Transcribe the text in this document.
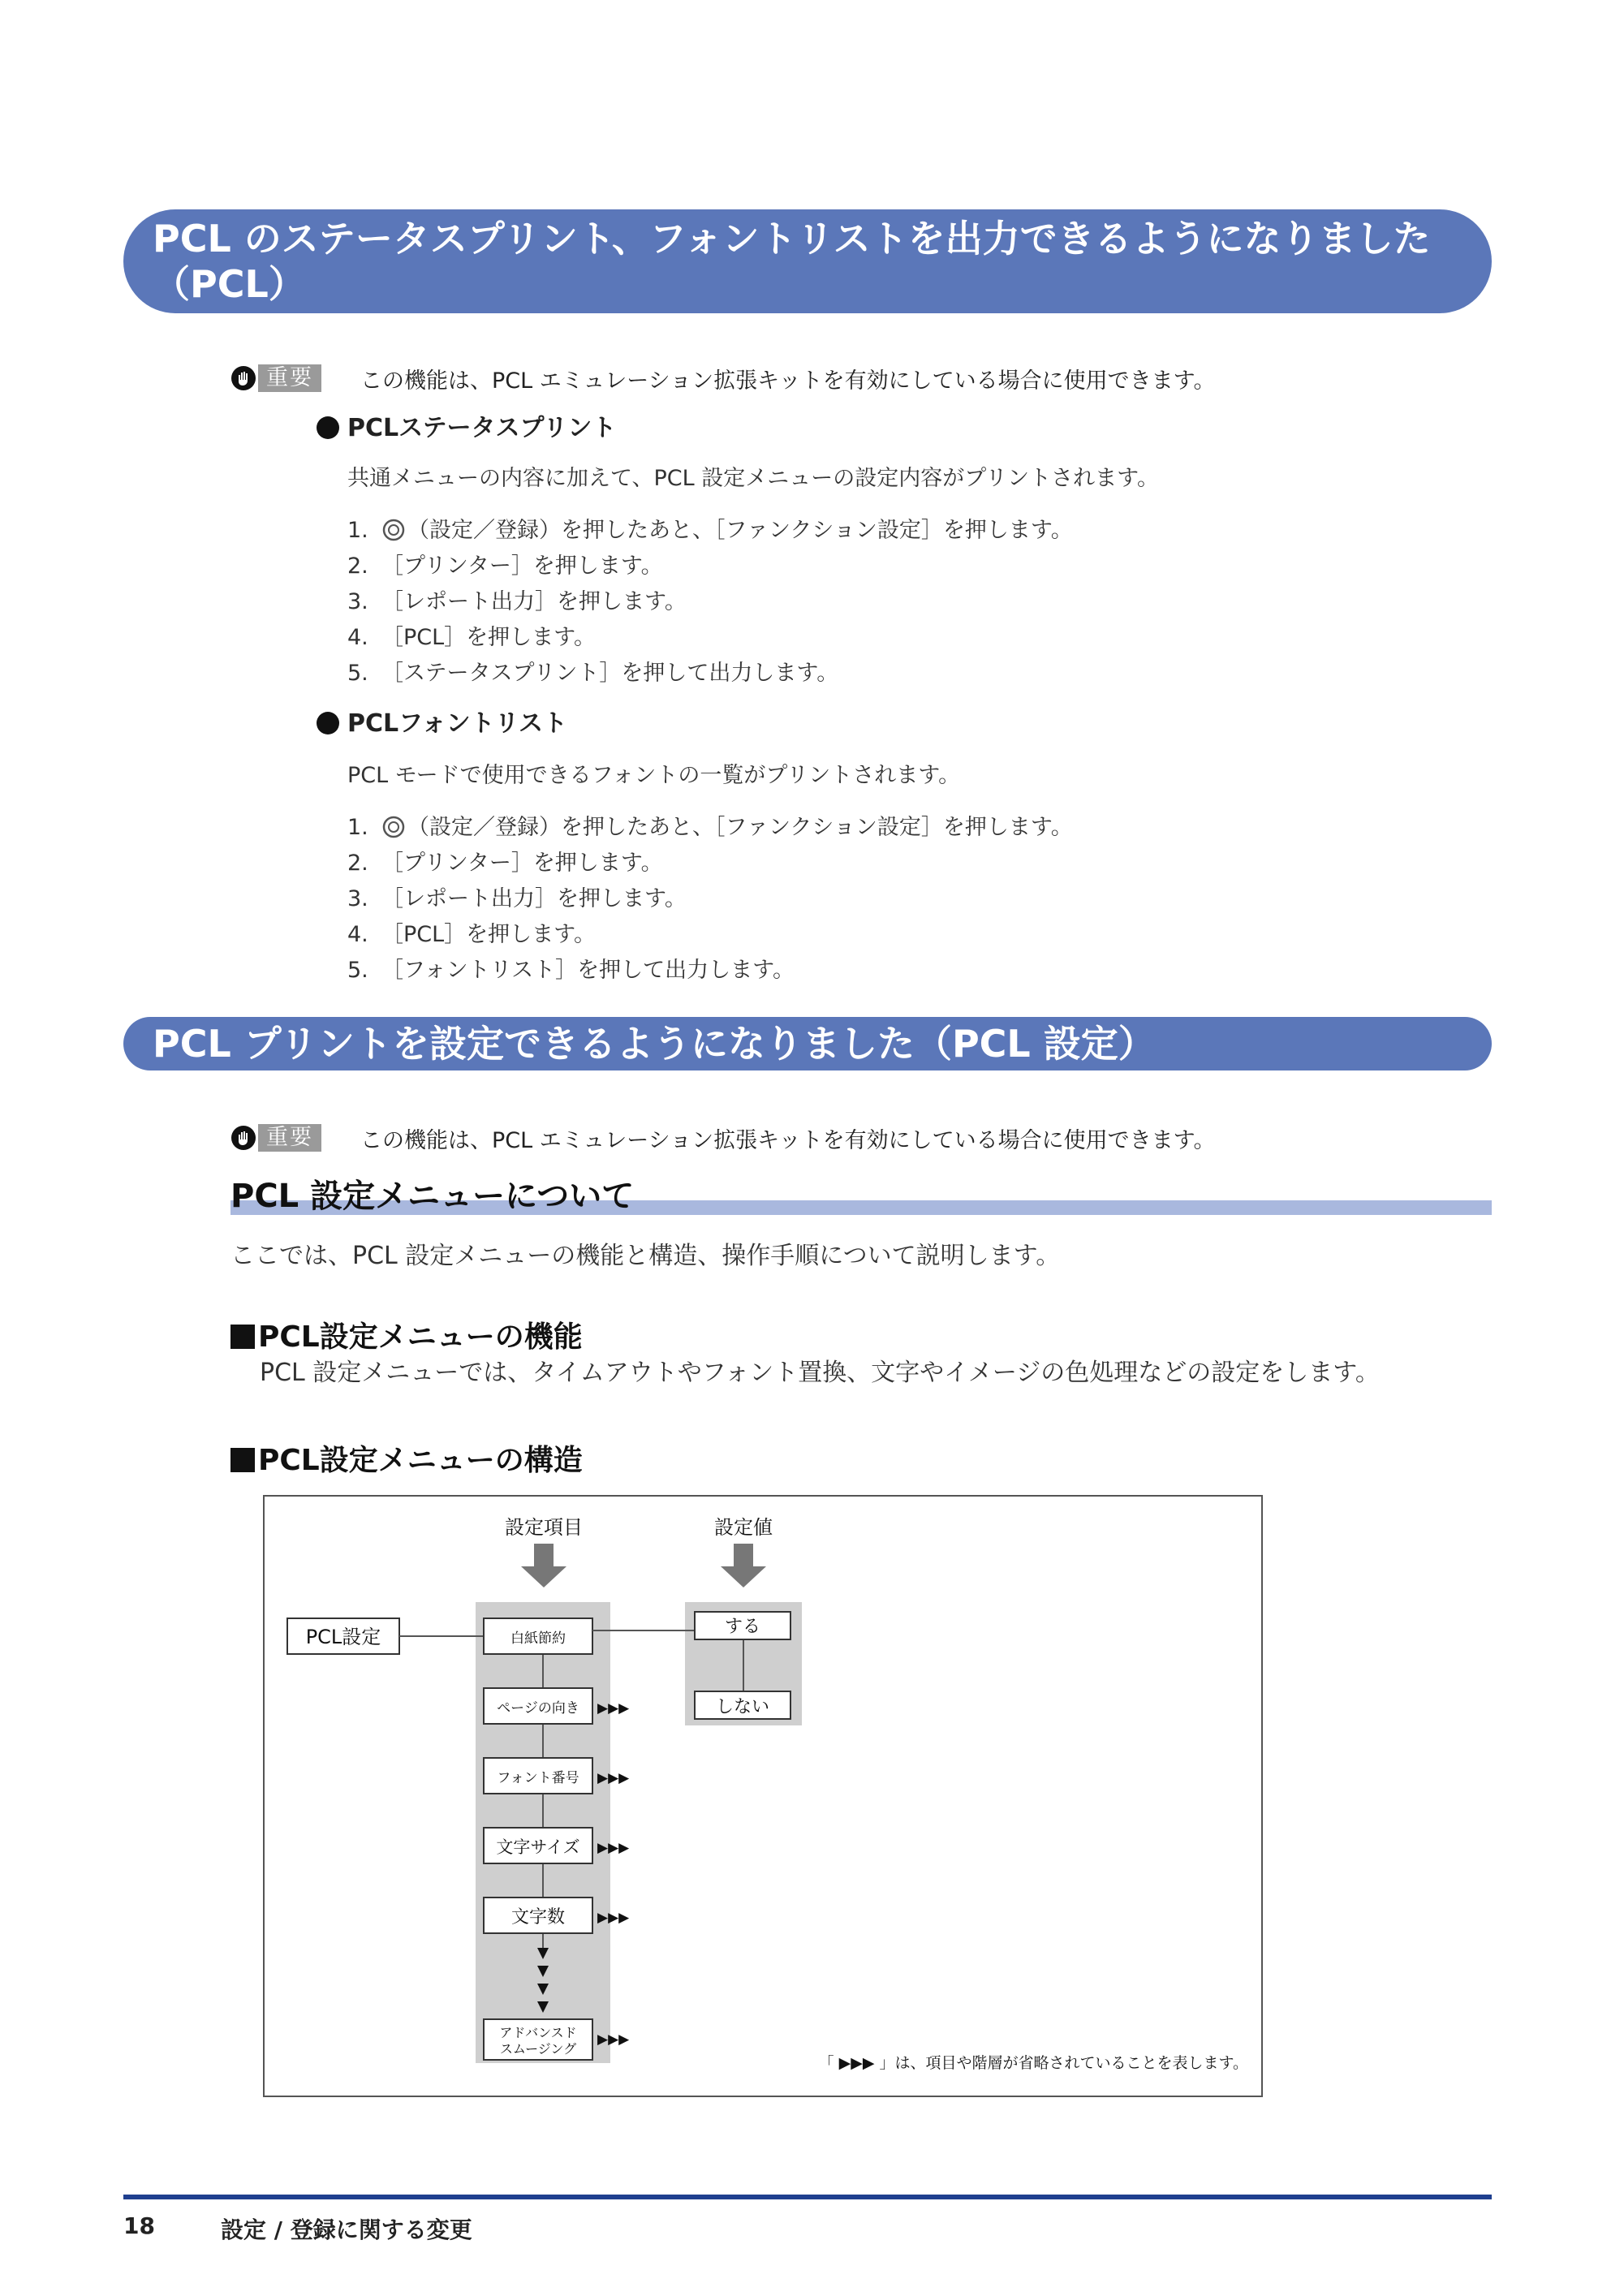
PCL のステータスプリント、フォントリストを出力できるようになりました
（PCL）
重要	この機能は、PCL エミュレーション拡張キットを有効にしている場合に使用できます。
PCLステータスプリント
共通メニューの内容に加えて、PCL 設定メニューの設定内容がプリントされます。
1. （設定／登録）を押したあと、［ファンクション設定］を押します。
2. ［プリンター］を押します。
3. ［レポート出力］を押します。
4. ［PCL］を押します。
5. ［ステータスプリント］を押して出力します。
PCLフォントリスト
PCL モードで使用できるフォントの一覧がプリントされます。
1. （設定／登録）を押したあと、［ファンクション設定］を押します。
2. ［プリンター］を押します。
3. ［レポート出力］を押します。
4. ［PCL］を押します。
5. ［フォントリスト］を押して出力します。
PCL プリントを設定できるようになりました（PCL 設定）
重要	この機能は、PCL エミュレーション拡張キットを有効にしている場合に使用できます。
PCL 設定メニューについて
ここでは、PCL 設定メニューの機能と構造、操作手順について説明します。
PCL設定メニューの機能
PCL 設定メニューでは、タイムアウトやフォント置換、文字やイメージの色処理などの設定をします。
PCL設定メニューの構造
設定項目	設定値
PCL設定	白紙節約
ページの向き
フォント番号
文字サイズ
文字数
アドバンスド
スムージング
▶▶▶
▶▶▶
▶▶▶
▶▶▶
▶▶▶
する
しない
「 ▶▶▶ 」は、項目や階層が省略されていることを表します。
18	設定 / 登録に関する変更
